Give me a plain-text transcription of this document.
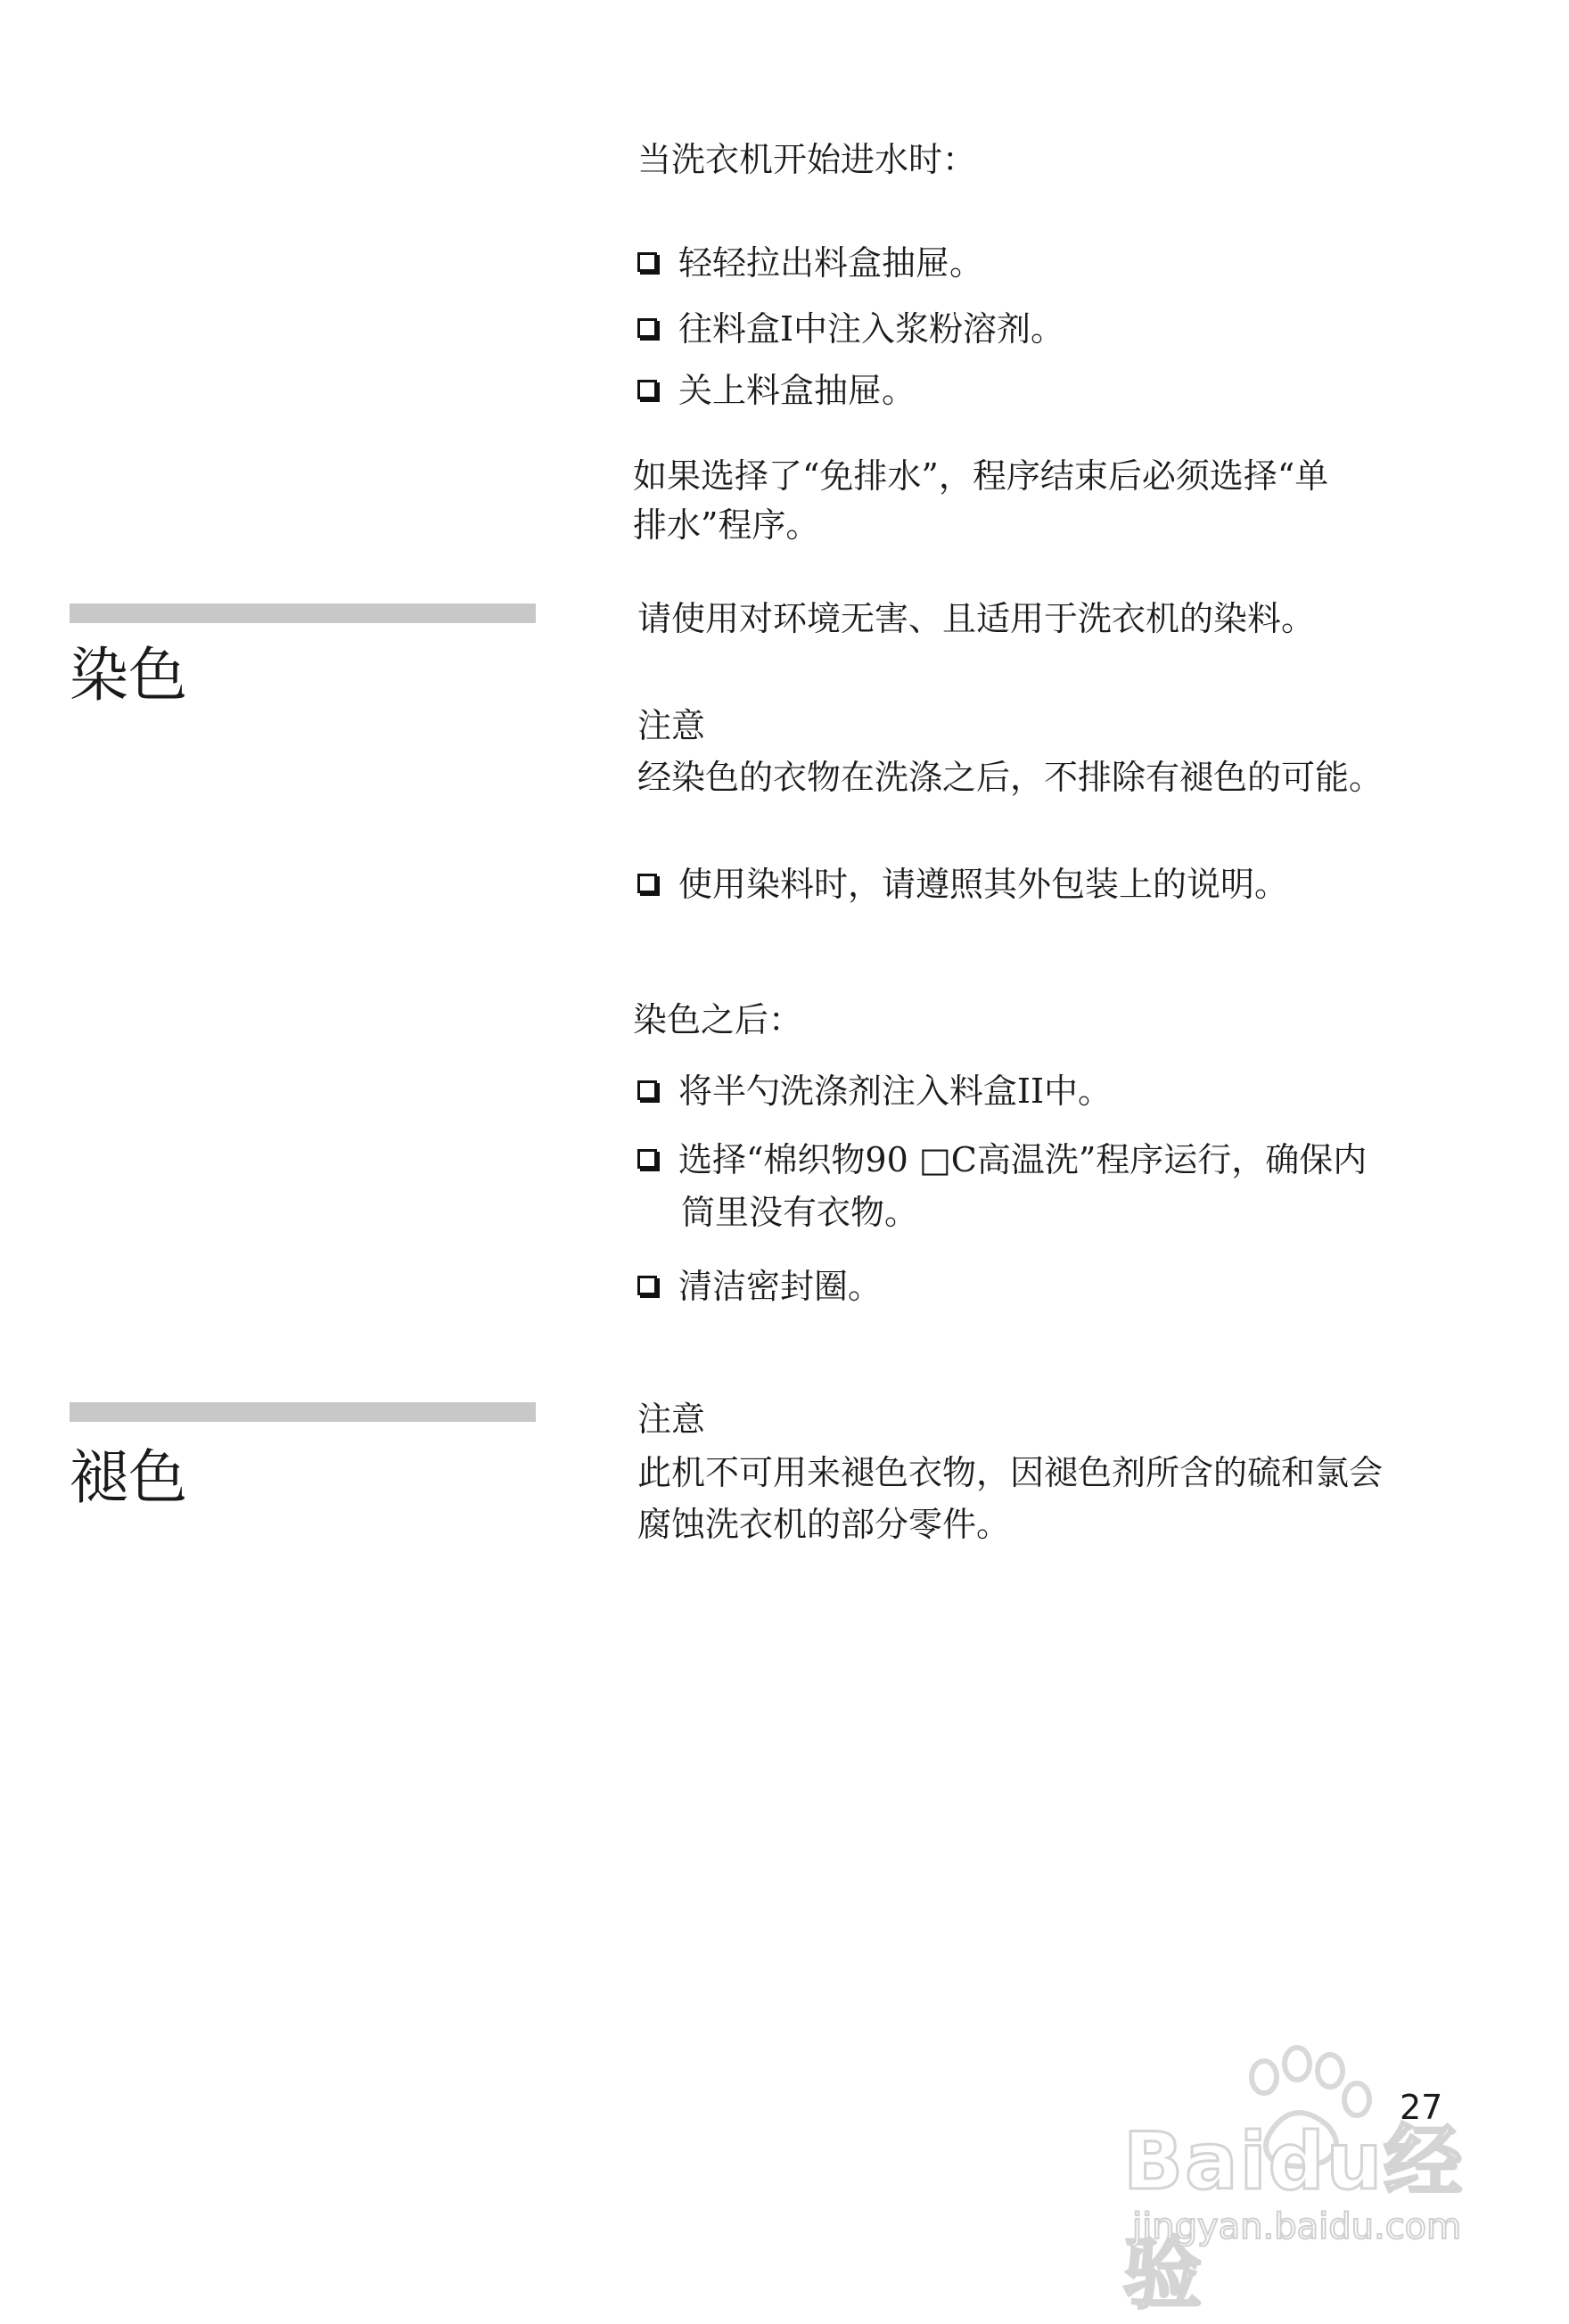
当洗衣机开始进水时：
轻轻拉出料盒抽屉。
往料盒I中注入浆粉溶剂。
关上料盒抽屉。
如果选择了“免排水”，程序结束后必须选择“单
排水”程序。
染色
请使用对环境无害、且适用于洗衣机的染料。
注意
经染色的衣物在洗涤之后，不排除有褪色的可能。
使用染料时，请遵照其外包装上的说明。
染色之后：
将半勺洗涤剂注入料盒II中。
选择“棉织物90 □C高温洗”程序运行，确保内
筒里没有衣物。
清洁密封圈。
褪色
注意
此机不可用来褪色衣物，因褪色剂所含的硫和氯会
腐蚀洗衣机的部分零件。
Baidu经验
jingyan.baidu.com
27
